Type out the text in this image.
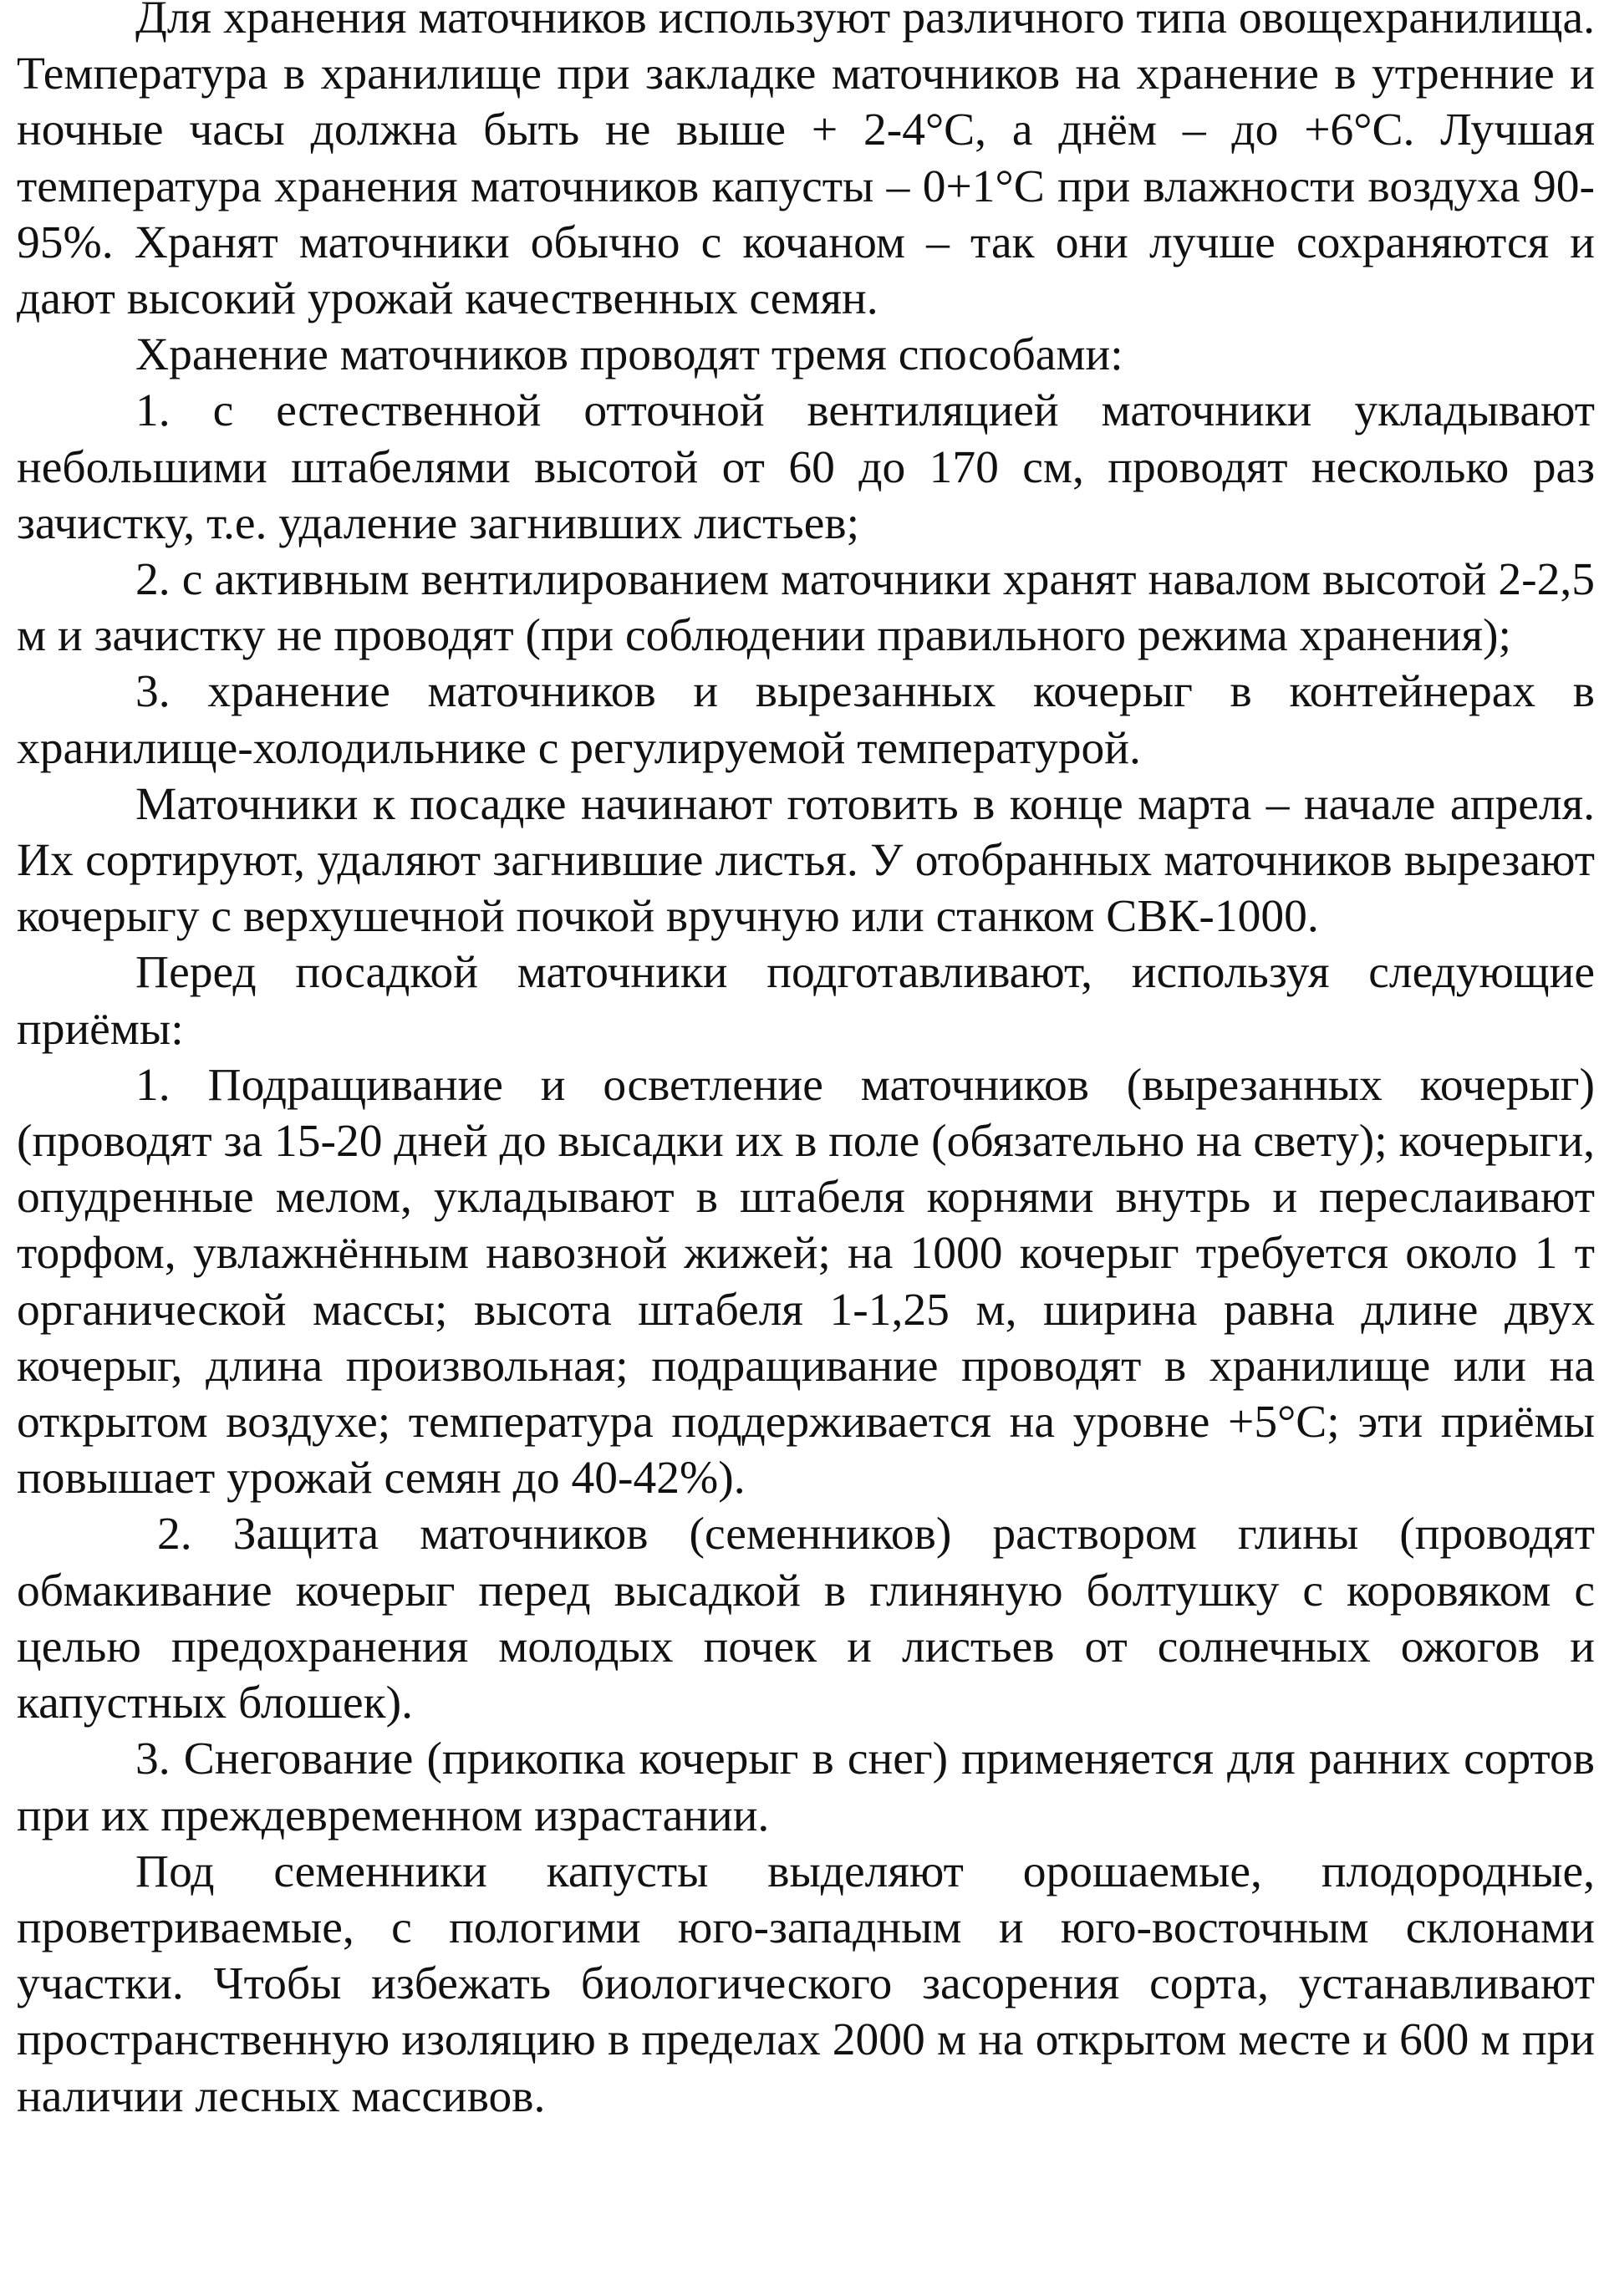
Для хранения маточников используют различного типа овощехранилища. Температура в хранилище при закладке маточников на хранение в утренние и ночные часы должна быть не выше + 2-4°С, а днём – до +6°С. Лучшая температура хранения маточников капусты – 0+1°С при влажности воздуха 90-95%. Хранят маточники обычно с кочаном – так они лучше сохраняются и дают высокий урожай качественных семян.

Хранение маточников проводят тремя способами:

1. с естественной отточной вентиляцией маточники укладывают небольшими штабелями высотой от 60 до 170 см, проводят несколько раз зачистку, т.е. удаление загнивших листьев;

2. с активным вентилированием маточники хранят навалом высотой 2-2,5 м и зачистку не проводят (при соблюдении правильного режима хранения);

3. хранение маточников и вырезанных кочерыг в контейнерах в хранилище-холодильнике с регулируемой температурой.

Маточники к посадке начинают готовить в конце марта – начале апреля. Их сортируют, удаляют загнившие листья. У отобранных маточников вырезают кочерыгу с верхушечной почкой вручную или станком СВК-1000.

Перед посадкой маточники подготавливают, используя следующие приёмы:

1. Подращивание и осветление маточников (вырезанных кочерыг) (проводят за 15-20 дней до высадки их в поле (обязательно на свету); кочерыги, опудренные мелом, укладывают в штабеля корнями внутрь и переслаивают торфом, увлажнённым навозной жижей; на 1000 кочерыг требуется около 1 т органической массы; высота штабеля 1-1,25 м, ширина равна длине двух кочерыг, длина произвольная; подращивание проводят в хранилище или на открытом воздухе; температура поддерживается на уровне +5°С; эти приёмы повышает урожай семян до 40-42%).

2. Защита маточников (семенников) раствором глины (проводят обмакивание кочерыг перед высадкой в глиняную болтушку с коровяком с целью предохранения молодых почек и листьев от солнечных ожогов и капустных блошек).

3. Снегование (прикопка кочерыг в снег) применяется для ранних сортов при их преждевременном израстании.

Под семенники капусты выделяют орошаемые, плодородные, проветриваемые, с пологими юго-западным и юго-восточным склонами участки. Чтобы избежать биологического засорения сорта, устанавливают пространственную изоляцию в пределах 2000 м на открытом месте и 600 м при наличии лесных массивов.
